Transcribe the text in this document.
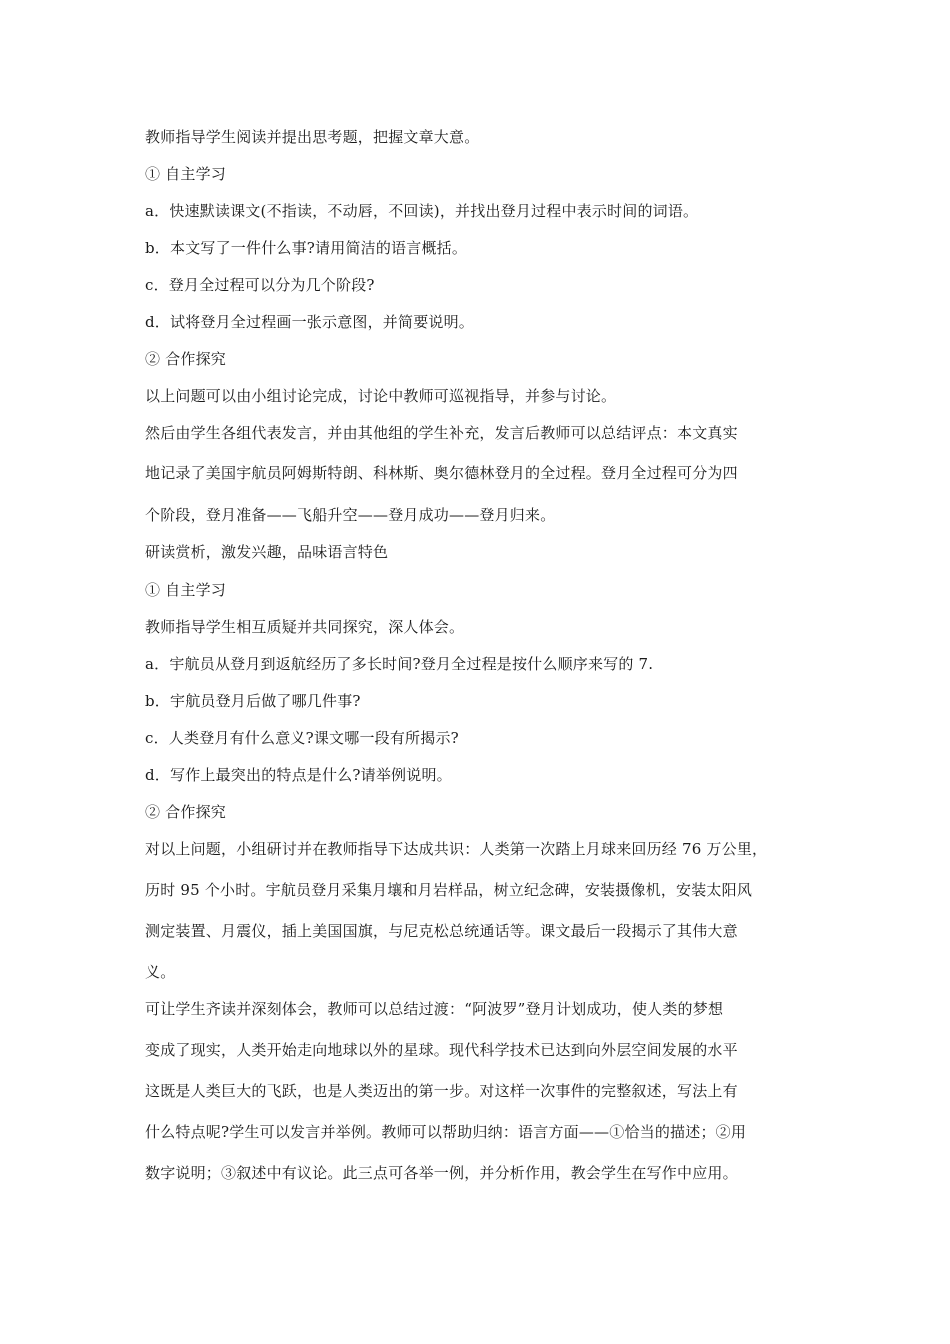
教师指导学生阅读并提出思考题，把握文章大意。
① 自主学习
a．快速默读课文(不指读，不动唇，不回读)，并找出登月过程中表示时间的词语。
b．本文写了一件什么事?请用简洁的语言概括。
c．登月全过程可以分为几个阶段?
d．试将登月全过程画一张示意图，并简要说明。
② 合作探究
以上问题可以由小组讨论完成，讨论中教师可巡视指导，并参与讨论。
然后由学生各组代表发言，并由其他组的学生补充，发言后教师可以总结评点：本文真实
地记录了美国宇航员阿姆斯特朗、科林斯、奥尔德林登月的全过程。登月全过程可分为四
个阶段，登月准备——飞船升空——登月成功——登月归来。
研读赏析，激发兴趣，品味语言特色
① 自主学习
教师指导学生相互质疑并共同探究，深人体会。
a．宇航员从登月到返航经历了多长时间?登月全过程是按什么顺序来写的 7.
b．宇航员登月后做了哪几件事?
c．人类登月有什么意义?课文哪一段有所揭示?
d．写作上最突出的特点是什么?请举例说明。
② 合作探究
对以上问题，小组研讨并在教师指导下达成共识：人类第一次踏上月球来回历经 76 万公里，
历时 95 个小时。宇航员登月采集月壤和月岩样品，树立纪念碑，安装摄像机，安装太阳风
测定装置、月震仪，插上美国国旗，与尼克松总统通话等。课文最后一段揭示了其伟大意
义。
可让学生齐读并深刻体会，教师可以总结过渡：“阿波罗”登月计划成功，使人类的梦想
变成了现实，人类开始走向地球以外的星球。现代科学技术已达到向外层空间发展的水平
这既是人类巨大的飞跃，也是人类迈出的第一步。对这样一次事件的完整叙述，写法上有
什么特点呢?学生可以发言并举例。教师可以帮助归纳：语言方面——①恰当的描述；②用
数字说明；③叙述中有议论。此三点可各举一例，并分析作用，教会学生在写作中应用。
